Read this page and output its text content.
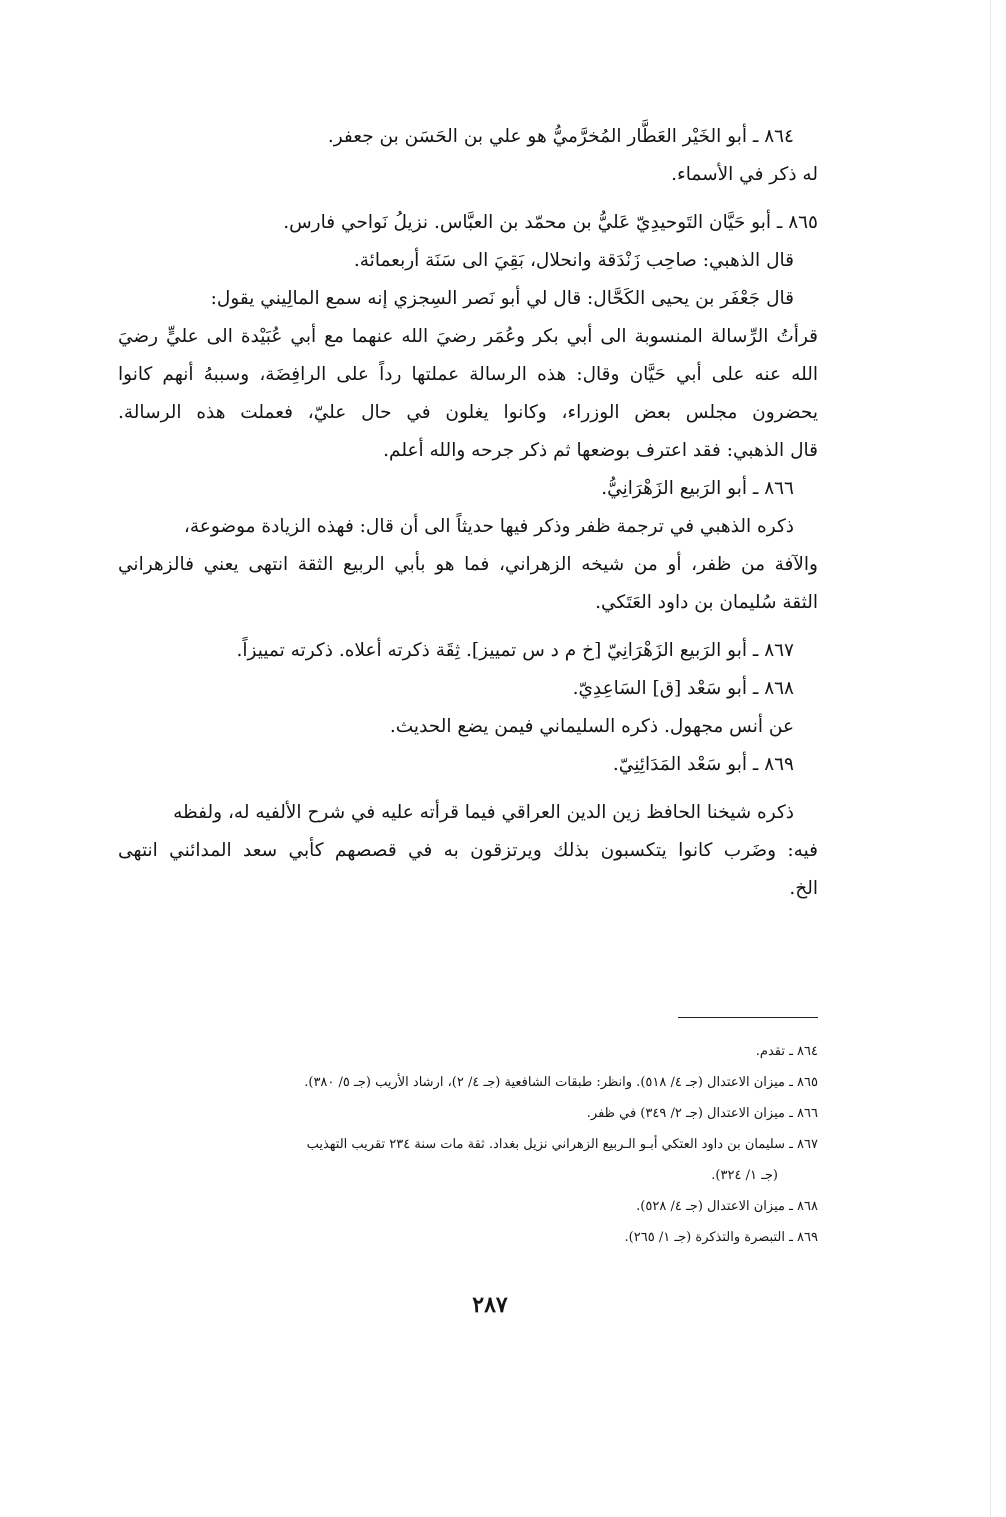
٨٦٤ ـ أبو الخَيْر العَطَّار المُخرَّميُّ هو علي بن الحَسَن بن جعفر.
له ذكر في الأسماء.
٨٦٥ ـ أبو حَيَّان التَوحيدِيّ عَليُّ بن محمّد بن العبَّاس. نزيلُ نَواحي فارس.
قال الذهبي: صاحِب زَنْدَقة وانحلال، بَقِيَ الى سَنَة أربعمائة.
قال جَعْفَر بن يحيى الكَحَّال: قال لي أبو نَصر السِجزي إنه سمع المالِيني يقول:
قرأتُ الرِّسالة المنسوبة الى أبي بكر وعُمَر رضيَ الله عنهما مع أبي عُبَيْدة الى عليٍّ رضيَ
الله عنه على أبي حَيَّان وقال: هذه الرسالة عملتها رداً على الرافِضَة، وسببهُ أنهم كانوا
يحضرون مجلس بعض الوزراء، وكانوا يغلون في حال عليّ، فعملت هذه الرسالة.
قال الذهبي: فقد اعترف بوضعها ثم ذكر جرحه والله أعلم.
٨٦٦ ـ أبو الرَبيع الزَهْرَانِيُّ.
ذكره الذهبي في ترجمة ظفر وذكر فيها حديثاً الى أن قال: فهذه الزيادة موضوعة،
والآفة من ظفر، أو من شيخه الزهراني، فما هو بأبي الربيع الثقة انتهى يعني فالزهراني
الثقة سُليمان بن داود العَتَكي.
٨٦٧ ـ أبو الرَبيع الزَهْرَانِيّ [خ م د س تمييز]. ثِقَة ذكرته أعلاه. ذكرته تمييزاً.
٨٦٨ ـ أبو سَعْد [ق] السَاعِدِيّ.
عن أنس مجهول. ذكره السليماني فيمن يضع الحديث.
٨٦٩ ـ أبو سَعْد المَدَائِنِيّ.
ذكره شيخنا الحافظ زين الدين العراقي فيما قرأته عليه في شرح الألفيه له، ولفظه
فيه: وضَرب كانوا يتكسبون بذلك ويرتزقون به في قصصهم كأبي سعد المدائني انتهى
الخ.
٨٦٤ ـ تقدم.
٨٦٥ ـ ميزان الاعتدال (جـ ٤/ ٥١٨). وانظر: طبقات الشافعية (جـ ٤/ ٢)، ارشاد الأريب (جـ ٥/ ٣٨٠).
٨٦٦ ـ ميزان الاعتدال (جـ ٢/ ٣٤٩) في ظفر.
٨٦٧ ـ سليمان بن داود العتكي أبـو الـربيع الزهراني نزيل بغداد. ثقة مات سنة ٢٣٤ تقريب التهذيب
(جـ ١/ ٣٢٤).
٨٦٨ ـ ميزان الاعتدال (جـ ٤/ ٥٢٨).
٨٦٩ ـ التبصرة والتذكرة (جـ ١/ ٢٦٥).
٢٨٧
